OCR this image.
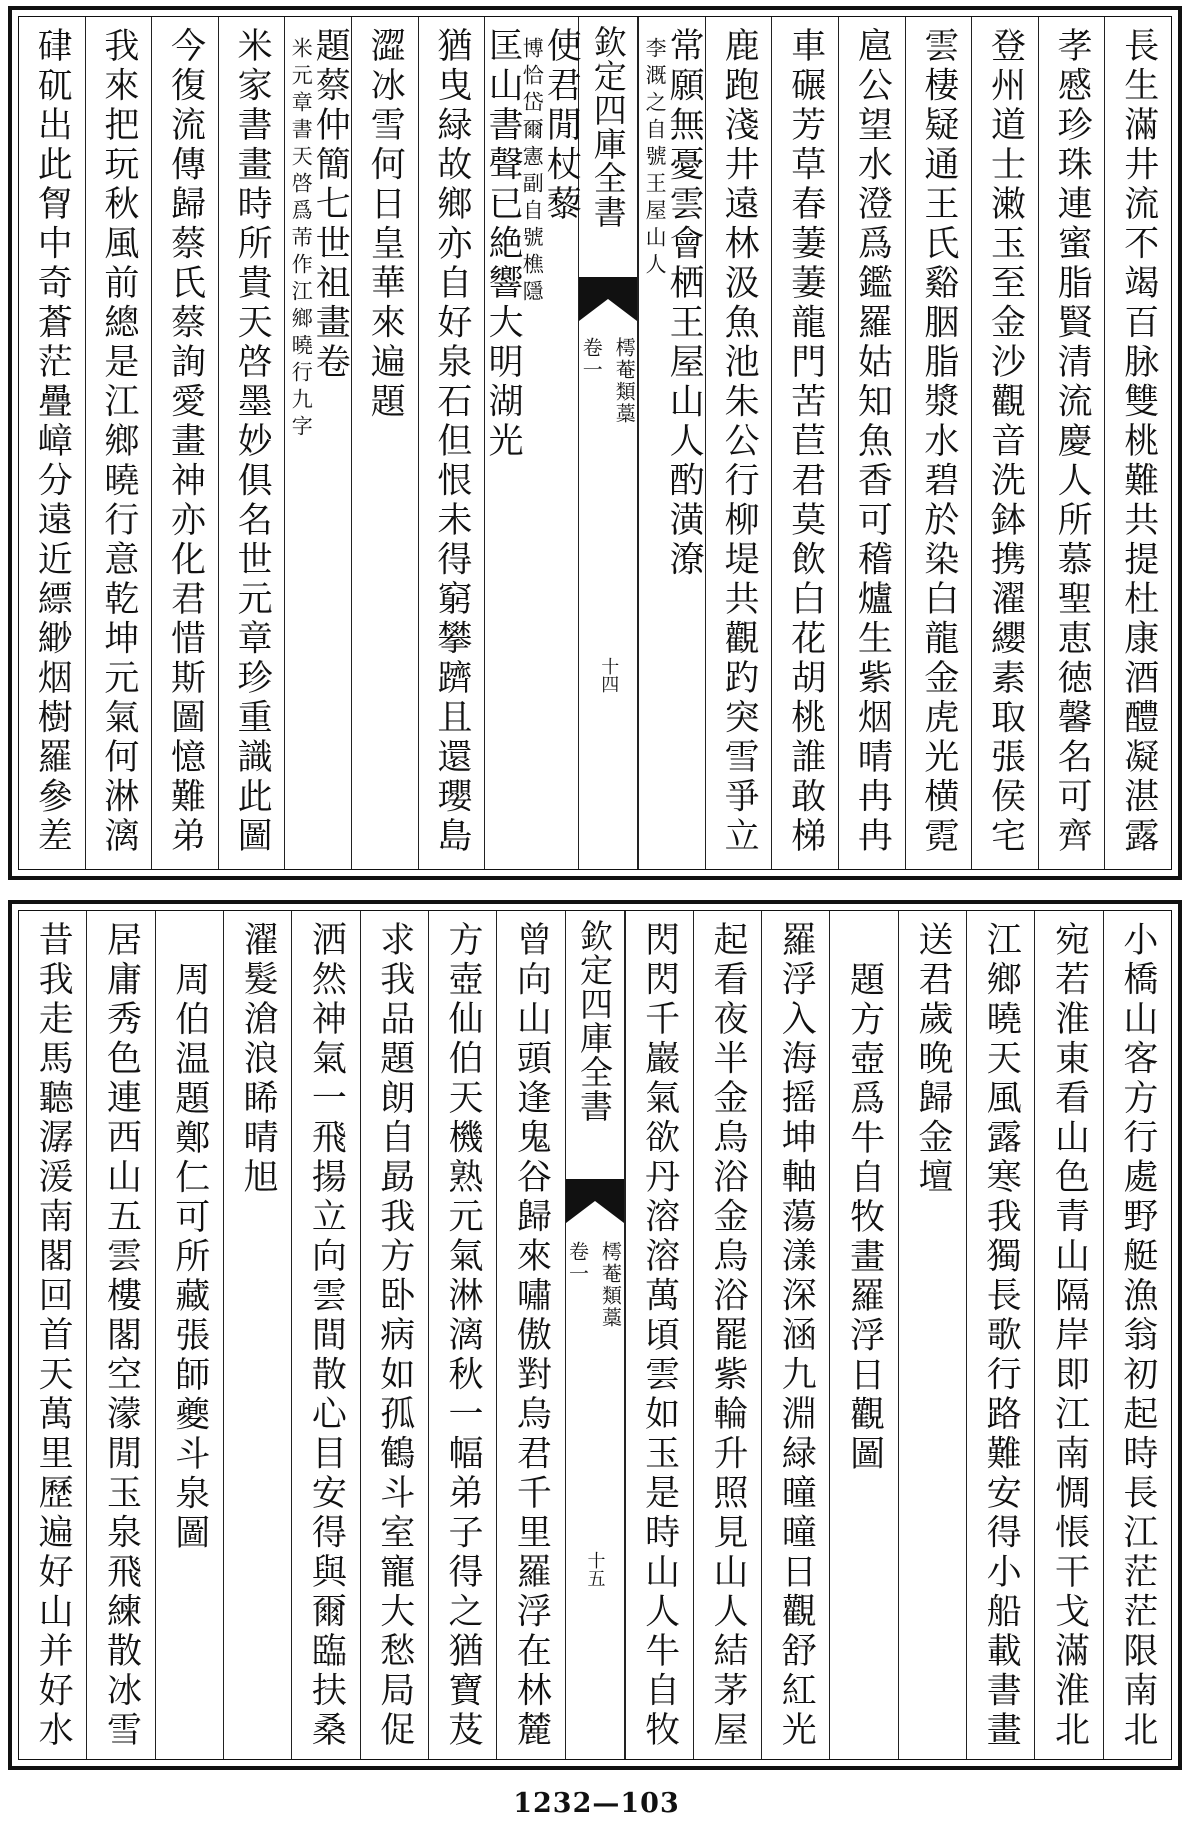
長生滿井流不竭百脉雙桃難共提杜康酒醴凝湛露
孝慼珍珠連蜜脂賢清流慶人所慕聖恵徳馨名可齊
登州道士潄玉至金沙觀音洗鉢携濯纓素取張侯宅
雲棲疑通王氏谿胭脂漿水碧於染白龍金虎光横霓
扈公望水澄爲鑑羅姑知魚香可稽爐生紫烟晴冉冉
車碾芳草春萋萋龍門苦苣君莫飲白花胡桃誰敢梯
鹿跑淺井遠林汲魚池朱公行柳堤共觀趵突雪爭立
常願無憂雲會栖王屋山人酌潢潦
李溉之自號王屋山人
欽定四庫全書
樗菴類藁
卷一
十四
使君閒杖藜
博恰岱爾憲副自號樵隱
匡山書聲已絶響大明湖光
猶曳緑故鄉亦自好泉石但恨未得窮攀躋且還瓔島
澀冰雪何日皇華來遍題
題蔡仲簡七世祖畫卷
米元章書天啓爲芾作江鄉曉行九字
米家書畫時所貴天啓墨妙俱名世元章珍重識此圖
今復流傳歸蔡氏蔡詢愛畫神亦化君惜斯圖憶難弟
我來把玩秋風前總是江鄉曉行意乾坤元氣何淋漓
硉矹出此胷中奇蒼茫疊嶂分遠近縹緲烟樹羅參差
小橋山客方行處野艇漁翁初起時長江茫茫限南北
宛若淮東看山色青山隔岸即江南惆悵干戈滿淮北
江鄉曉天風露寒我獨長歌行路難安得小船載書畫
送君歲晚歸金壇
題方壺爲牛自牧畫羅浮日觀圖
羅浮入海摇坤軸蕩漾深涵九淵緑曈曈日觀舒紅光
起看夜半金烏浴金烏浴罷紫輪升照見山人結茅屋
閃閃千巖氣欲丹溶溶萬頃雲如玉是時山人牛自牧
欽定四庫全書
樗菴類藁
卷一
十五
曾向山頭逢鬼谷歸來嘯傲對烏君千里羅浮在林麓
方壺仙伯天機熟元氣淋漓秋一幅弟子得之猶寶芨
求我品題朗自勗我方卧病如孤鶴斗室寵大愁局促
洒然神氣一飛揚立向雲間散心目安得與爾臨扶桑
濯髮滄浪睎晴旭
周伯温題鄭仁可所藏張師夔斗泉圖
居庸秀色連西山五雲樓閣空濛閒玉泉飛練散冰雪
昔我走馬聽潺湲南閣回首天萬里歷遍好山并好水
1232—103
